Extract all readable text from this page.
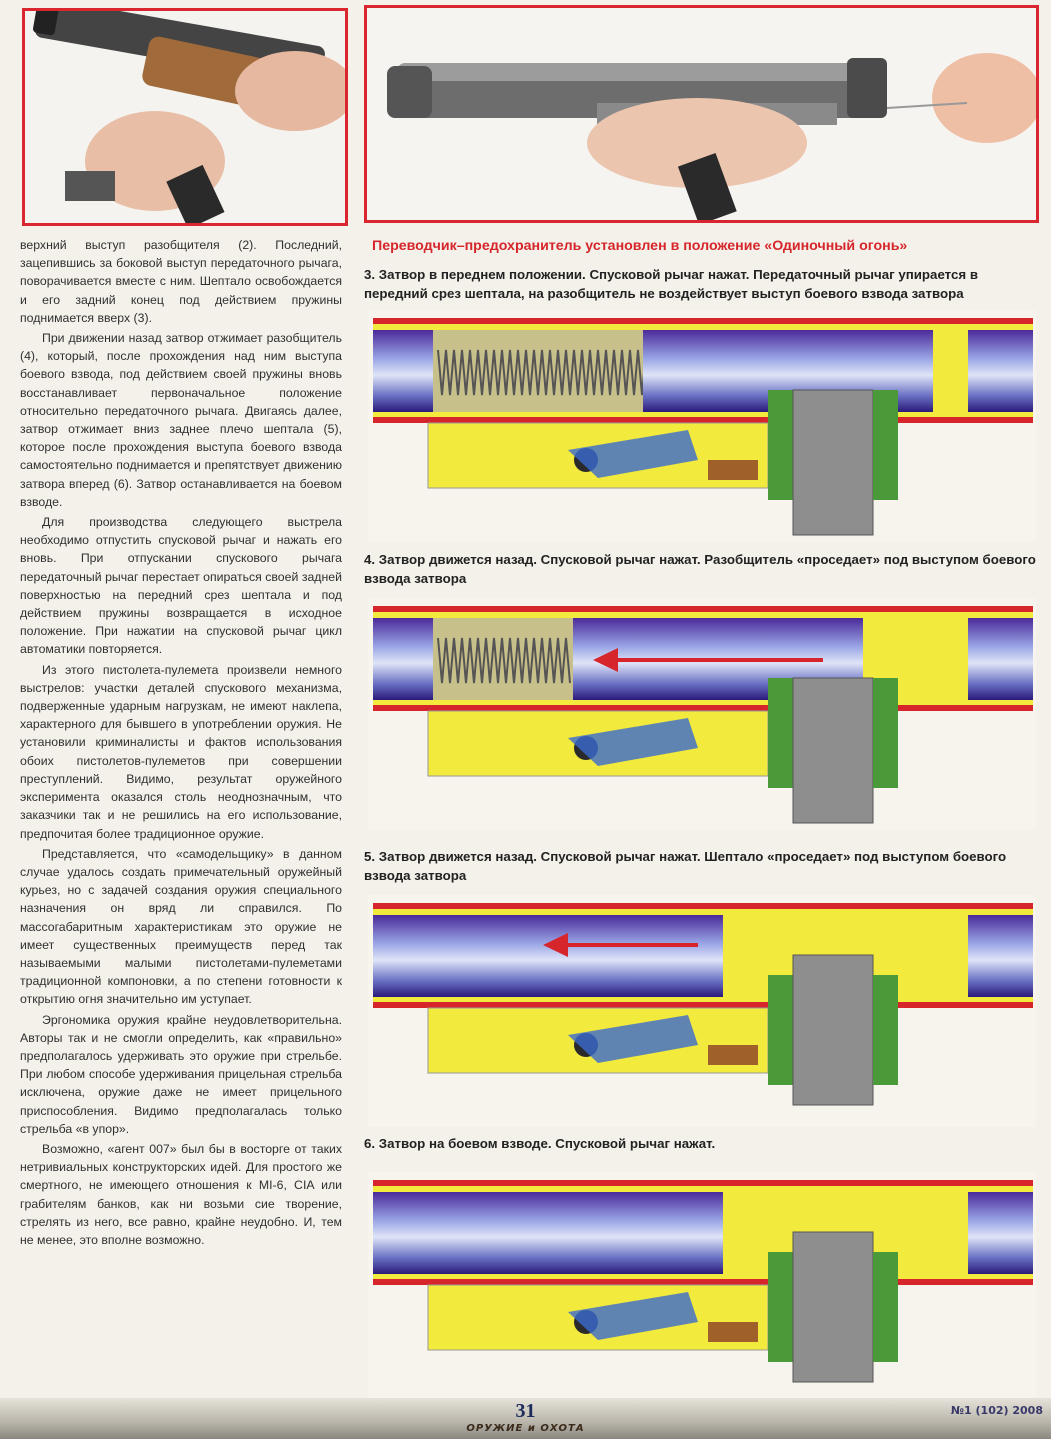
верхний выступ разобщителя (2). Последний, зацепившись за боковой выступ передаточного рычага, поворачивается вместе с ним. Шептало освобождается и его задний конец под действием пружины поднимается вверх (3).

При движении назад затвор отжимает разобщитель (4), который, после прохождения над ним выступа боевого взвода, под действием своей пружины вновь восстанавливает первоначальное положение относительно передаточного рычага. Двигаясь далее, затвор отжимает вниз заднее плечо шептала (5), которое после прохождения выступа боевого взвода самостоятельно поднимается и препятствует движению затвора вперед (6). Затвор останавливается на боевом взводе.

Для производства следующего выстрела необходимо отпустить спусковой рычаг и нажать его вновь. При отпускании спускового рычага передаточный рычаг перестает опираться своей задней поверхностью на передний срез шептала и под действием пружины возвращается в исходное положение. При нажатии на спусковой рычаг цикл автоматики повторяется.

Из этого пистолета-пулемета произвели немного выстрелов: участки деталей спускового механизма, подверженные ударным нагрузкам, не имеют наклепа, характерного для бывшего в употреблении оружия. Не установили криминалисты и фактов использования обоих пистолетов-пулеметов при совершении преступлений. Видимо, результат оружейного эксперимента оказался столь неоднозначным, что заказчики так и не решились на его использование, предпочитая более традиционное оружие.

Представляется, что «самодельщику» в данном случае удалось создать примечательный оружейный курьез, но с задачей создания оружия специального назначения он вряд ли справился. По массогабаритным характеристикам это оружие не имеет существенных преимуществ перед так называемыми малыми пистолетами-пулеметами традиционной компоновки, а по степени готовности к открытию огня значительно им уступает.

Эргономика оружия крайне неудовлетворительна. Авторы так и не смогли определить, как «правильно» предполагалось удерживать это оружие при стрельбе. При любом способе удерживания прицельная стрельба исключена, оружие даже не имеет прицельного приспособления. Видимо предполагалась только стрельба «в упор».

Возможно, «агент 007» был бы в восторге от таких нетривиальных конструкторских идей. Для простого же смертного, не имеющего отношения к MI-6, CIA или грабителям банков, как ни возьми сие творение, стрелять из него, все равно, крайне неудобно. И, тем не менее, это вполне возможно.

Переводчик–предохранитель установлен в положение «Одиночный огонь»
3. Затвор в переднем положении. Спусковой рычаг нажат. Передаточный рычаг упирается в передний срез шептала, на разобщитель не воздействует выступ боевого взвода затвора
4. Затвор движется назад. Спусковой рычаг нажат. Разобщитель «проседает» под выступом боевого взвода затвора
5. Затвор движется назад. Спусковой рычаг нажат. Шептало «проседает» под выступом боевого взвода затвора
6. Затвор на боевом взводе. Спусковой рычаг нажат.
31
ОРУЖИЕ и ОХОТА
№1 (102) 2008
